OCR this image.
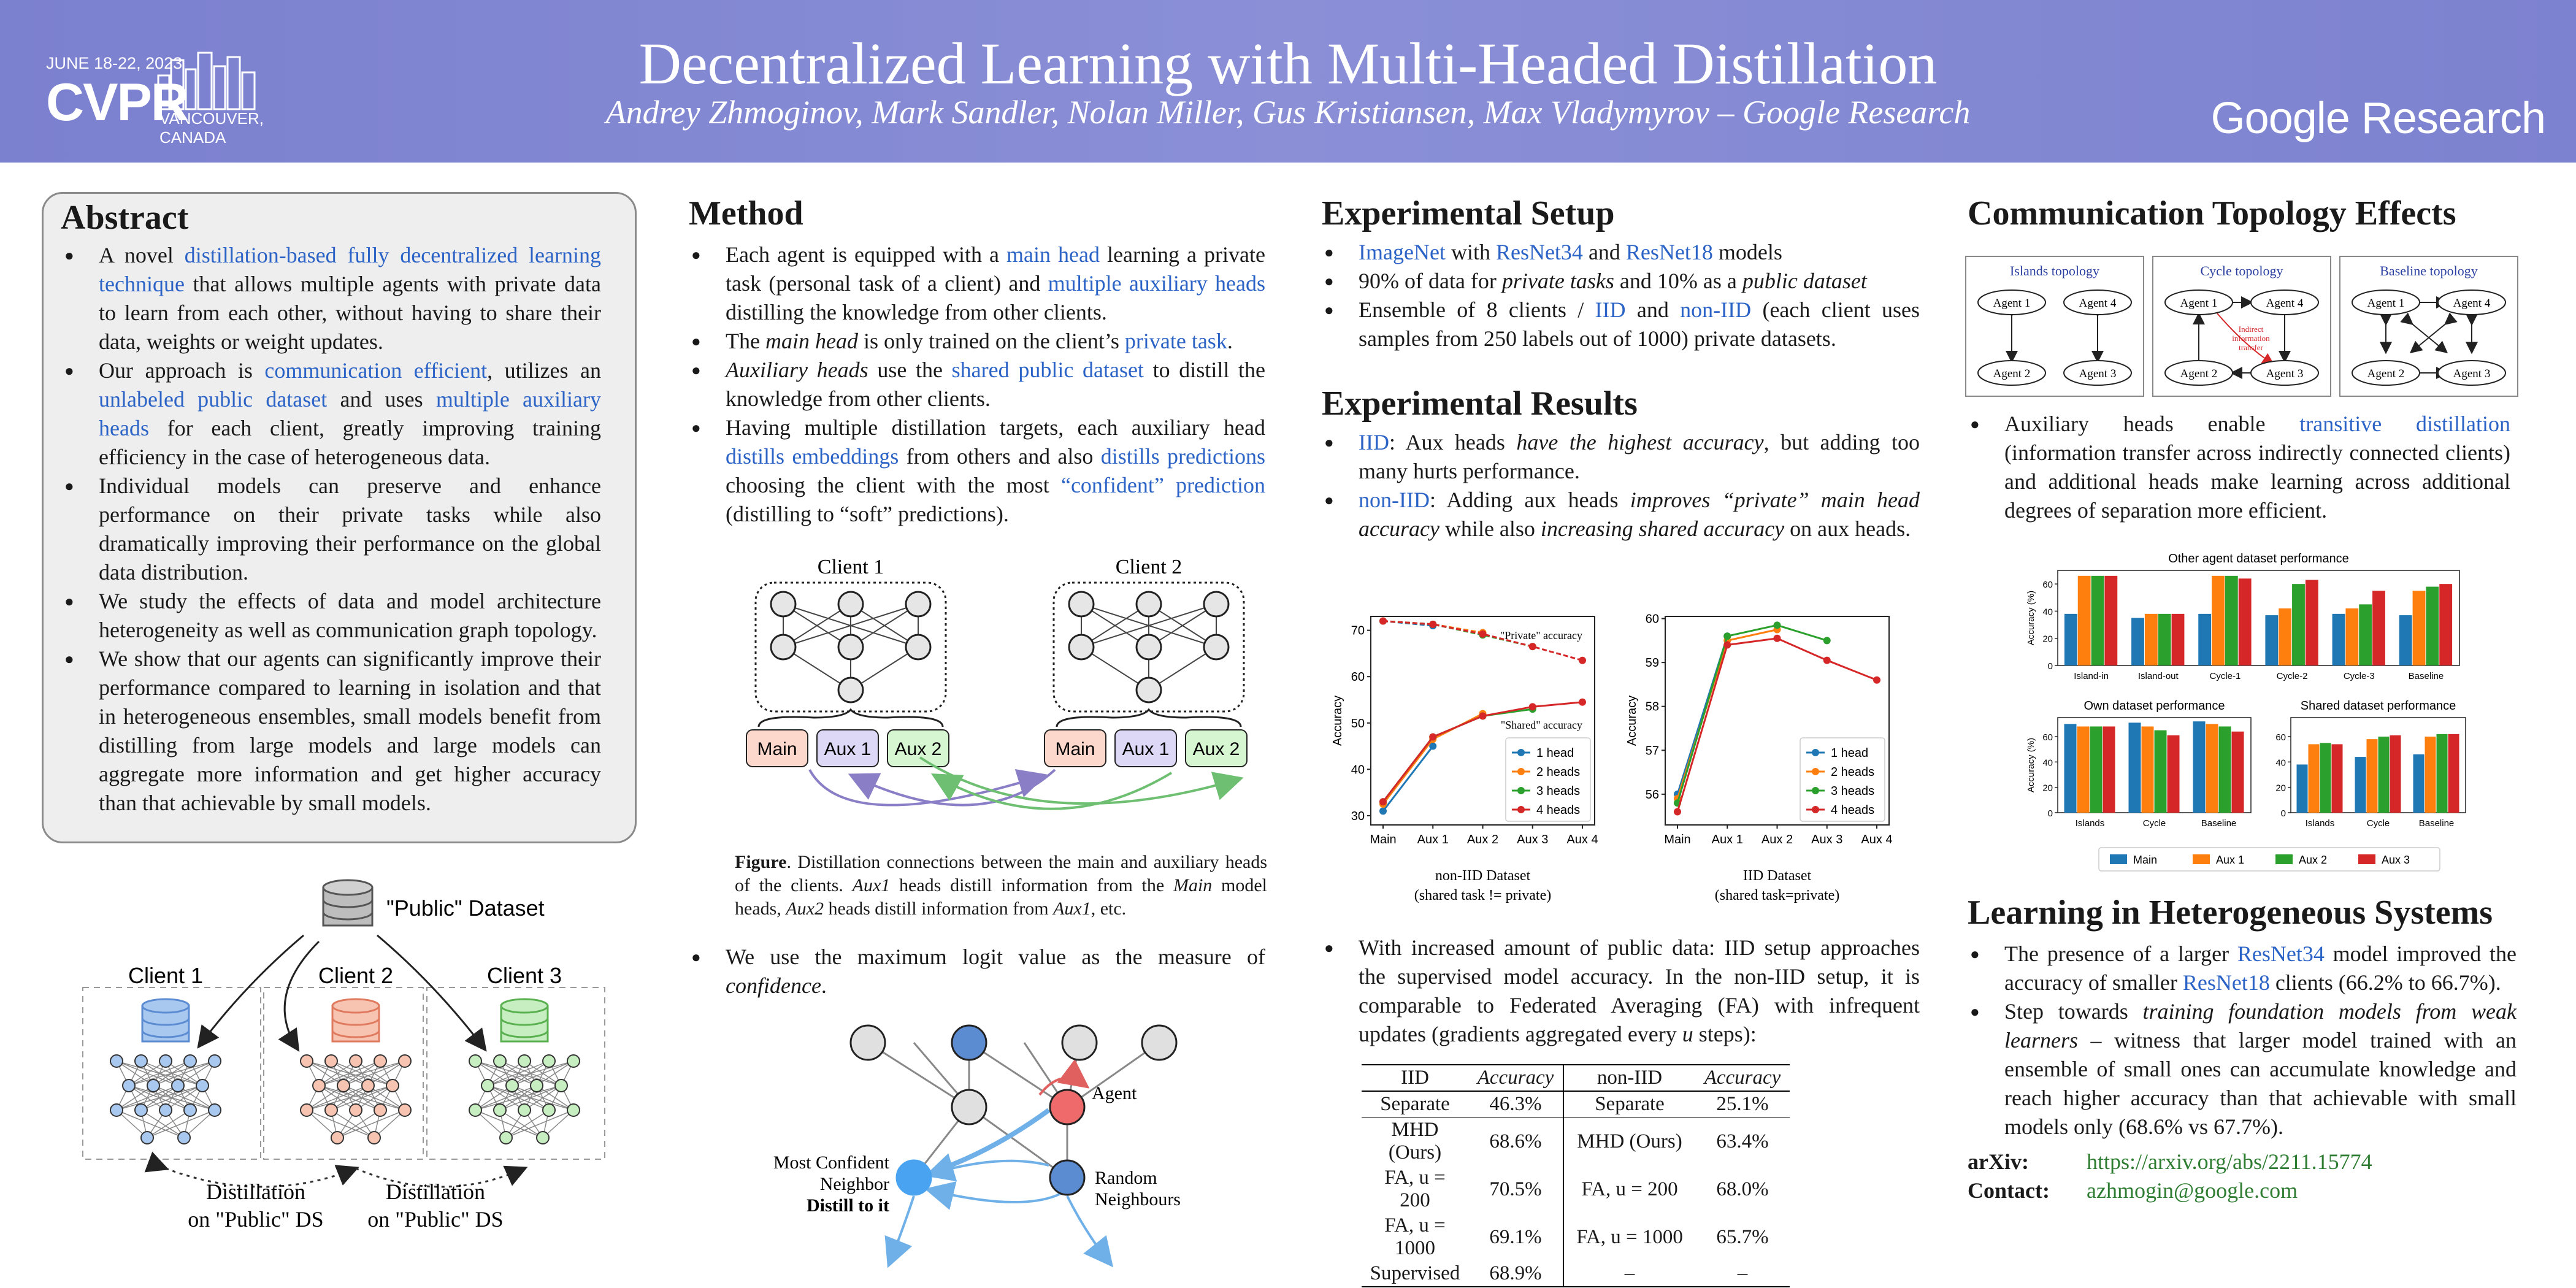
JUNE 18-22, 2023
CVPR
VANCOUVER, CANADA
Decentralized Learning with Multi-Headed Distillation
Andrey Zhmoginov, Mark Sandler, Nolan Miller, Gus Kristiansen, Max Vladymyrov – Google Research	Google Research
Abstract
● A novel distillation-based fully decentralized learning technique that allows multiple agents with private data to learn from each other, without having to share their data, weights or weight updates.
● Our approach is communication efficient, utilizes an unlabeled public dataset and uses multiple auxiliary heads for each client, greatly improving training efficiency in the case of heterogeneous data.
● Individual models can preserve and enhance performance on their private tasks while also dramatically improving their performance on the global data distribution.
● We study the effects of data and model architecture heterogeneity as well as communication graph topology.
● We show that our agents can significantly improve their performance compared to learning in isolation and that in heterogeneous ensembles, small models benefit from distilling from large models and large models can aggregate more information and get higher accuracy than that achievable by small models.
"Public" Dataset
Client 1	Client 2	Client 3
Distillation
on "Public" DS
Distillation
on "Public" DS
Method
● Each agent is equipped with a main head learning a private task (personal task of a client) and multiple auxiliary heads distilling the knowledge from other clients.
● The main head is only trained on the client’s private task.
● Auxiliary heads use the shared public dataset to distill the knowledge from other clients.
● Having multiple distillation targets, each auxiliary head distills embeddings from others and also distills predictions choosing the client with the most “confident” prediction (distilling to “soft” predictions).
Client 1	Client 2
Main Aux 1 Aux 2	Main Aux 1 Aux 2
Figure. Distillation connections between the main and auxiliary heads of the clients. Aux1 heads distill information from the Main model heads, Aux2 heads distill information from Aux1, etc.
● We use the maximum logit value as the measure of confidence.
Agent
Most Confident
Neighbor
Distill to it
Random
Neighbours
Experimental Setup
● ImageNet with ResNet34 and ResNet18 models
● 90% of data for private tasks and 10% as a public dataset
● Ensemble of 8 clients / IID and non-IID (each client uses samples from 250 labels out of 1000) private datasets.
Experimental Results
● IID: Aux heads have the highest accuracy, but adding too many hurts performance.
● non-IID: Adding aux heads improves “private” main head accuracy while also increasing shared accuracy on aux heads.
30
40
50
60
70
Main Aux 1 Aux 2 Aux 3 Aux 4
Accuracy
"Private" accuracy
"Shared" accuracy
1 head
2 heads
3 heads
4 heads
non-IID Dataset
(shared task != private)
56
57
58
59
60
Main Aux 1 Aux 2 Aux 3 Aux 4
Accuracy
1 head
2 heads
3 heads
4 heads
IID Dataset
(shared task=private)
● With increased amount of public data: IID setup approaches the supervised model accuracy. In the non-IID setup, it is comparable to Federated Averaging (FA) with infrequent updates (gradients aggregated every u steps):
IID	Accuracy	non-IID	Accuracy
Separate	46.3%	Separate	25.1%
MHD (Ours)	68.6%	MHD (Ours)	63.4%
FA, u = 200	70.5%	FA, u = 200	68.0%
FA, u = 1000	69.1%	FA, u = 1000	65.7%
Supervised	68.9%	–	–
Communication Topology Effects
Islands topology
Agent 1	Agent 4
Agent 2	Agent 3
Cycle topology
Indirect
information
transfer
Agent 1	Agent 4
Agent 2	Agent 3
Baseline topology
Agent 1	Agent 4
Agent 2	Agent 3
● Auxiliary heads enable transitive distillation (information transfer across indirectly connected clients) and additional heads make learning across additional degrees of separation more efficient.
Other agent dataset performance
0
20
40
60
Accuracy (%)
Island-in	Island-out	Cycle-1	Cycle-2	Cycle-3	Baseline
Own dataset performance
0
20
40
60
Accuracy (%)
Islands	Cycle	Baseline
Shared dataset performance
0
20
40
60
Islands	Cycle	Baseline
Main	Aux 1	Aux 2	Aux 3
Learning in Heterogeneous Systems
● The presence of a larger ResNet34 model improved the accuracy of smaller ResNet18 clients (66.2% to 66.7%).
● Step towards training foundation models from weak learners – witness that larger model trained with an ensemble of small ones can accumulate knowledge and reach higher accuracy than that achievable with small models only (68.6% vs 67.7%).
arXiv:	https://arxiv.org/abs/2211.15774
Contact: azhmogin@google.com
